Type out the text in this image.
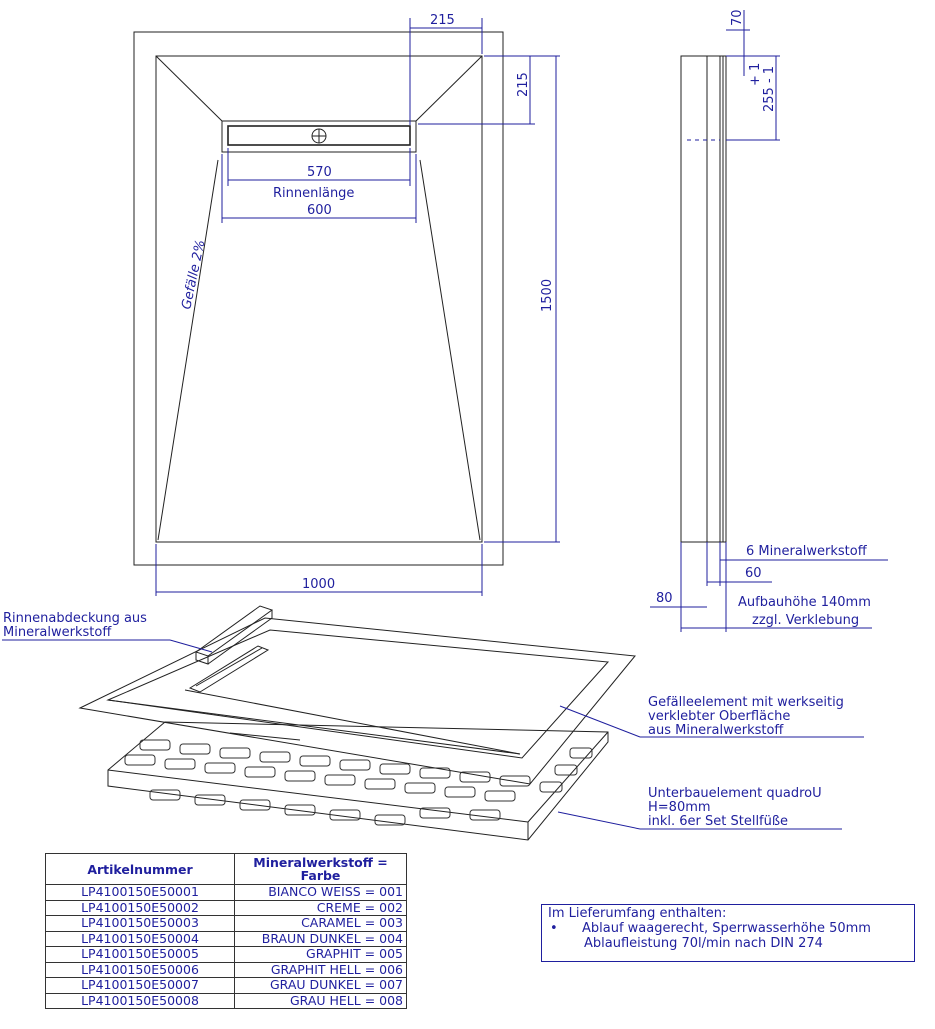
215
215
1500
1000
570
Rinnenlänge
600
Gefälle 2%
70
+ 1 255 - 1
6 Mineralwerkstoff
60
80	Aufbauhöhe 140mm
zzgl. Verklebung
Rinnenabdeckung aus
Mineralwerkstoff
Gefälleelement mit werkseitig
verklebter Oberfläche
aus Mineralwerkstoff
Unterbauelement quadroU
H=80mm
inkl. 6er Set Stellfüße
Artikelnummer	Mineralwerkstoff = Farbe
LP4100150E50001	BIANCO WEISS = 001
LP4100150E50002	CREME = 002
LP4100150E50003	CARAMEL = 003
LP4100150E50004	BRAUN DUNKEL = 004
LP4100150E50005	GRAPHIT = 005
LP4100150E50006	GRAPHIT HELL = 006
LP4100150E50007	GRAU DUNKEL = 007
LP4100150E50008	GRAU HELL = 008
Im Lieferumfang enthalten:
• Ablauf waagerecht, Sperrwasserhöhe 50mm
Ablaufleistung 70l/min nach DIN 274
